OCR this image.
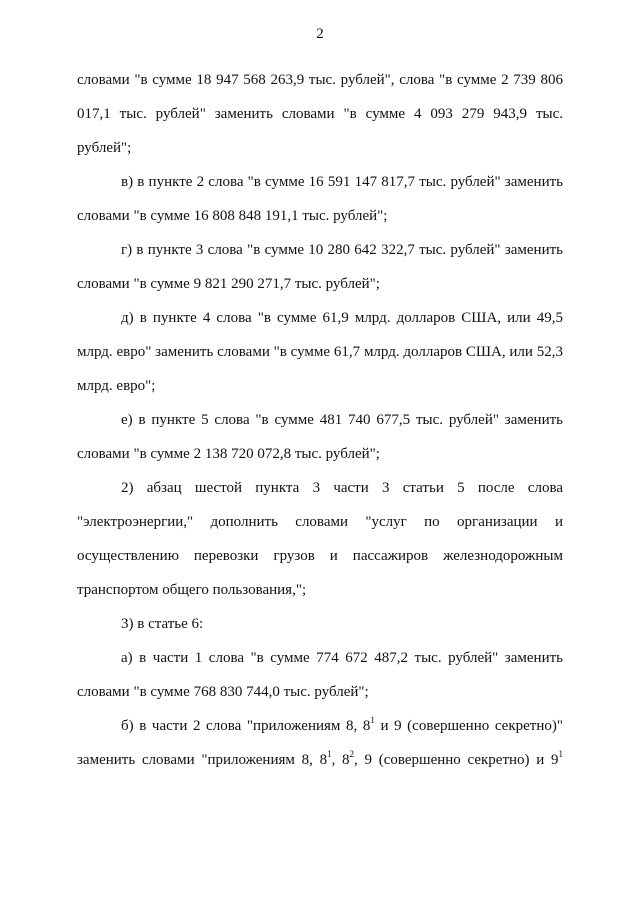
2

словами "в сумме 18 947 568 263,9 тыс. рублей", слова "в сумме 2 739 806 017,1 тыс. рублей" заменить словами "в сумме 4 093 279 943,9 тыс. рублей";

в) в пункте 2 слова "в сумме 16 591 147 817,7 тыс. рублей" заменить словами "в сумме 16 808 848 191,1 тыс. рублей";

г) в пункте 3 слова "в сумме 10 280 642 322,7 тыс. рублей" заменить словами "в сумме 9 821 290 271,7 тыс. рублей";

д) в пункте 4 слова "в сумме 61,9 млрд. долларов США, или 49,5 млрд. евро" заменить словами "в сумме 61,7 млрд. долларов США, или 52,3 млрд. евро";

е) в пункте 5 слова "в сумме 481 740 677,5 тыс. рублей" заменить словами "в сумме 2 138 720 072,8 тыс. рублей";

2) абзац шестой пункта 3 части 3 статьи 5 после слова "электроэнергии," дополнить словами "услуг по организации и осуществлению перевозки грузов и пассажиров железнодорожным транспортом общего пользования,";

3) в статье 6:

а) в части 1 слова "в сумме 774 672 487,2 тыс. рублей" заменить словами "в сумме 768 830 744,0 тыс. рублей";

б) в части 2 слова "приложениям 8, $8^1$ и 9 (совершенно секретно)" заменить словами "приложениям 8, $8^1$, $8^2$, 9 (совершенно секретно) и $9^1$
